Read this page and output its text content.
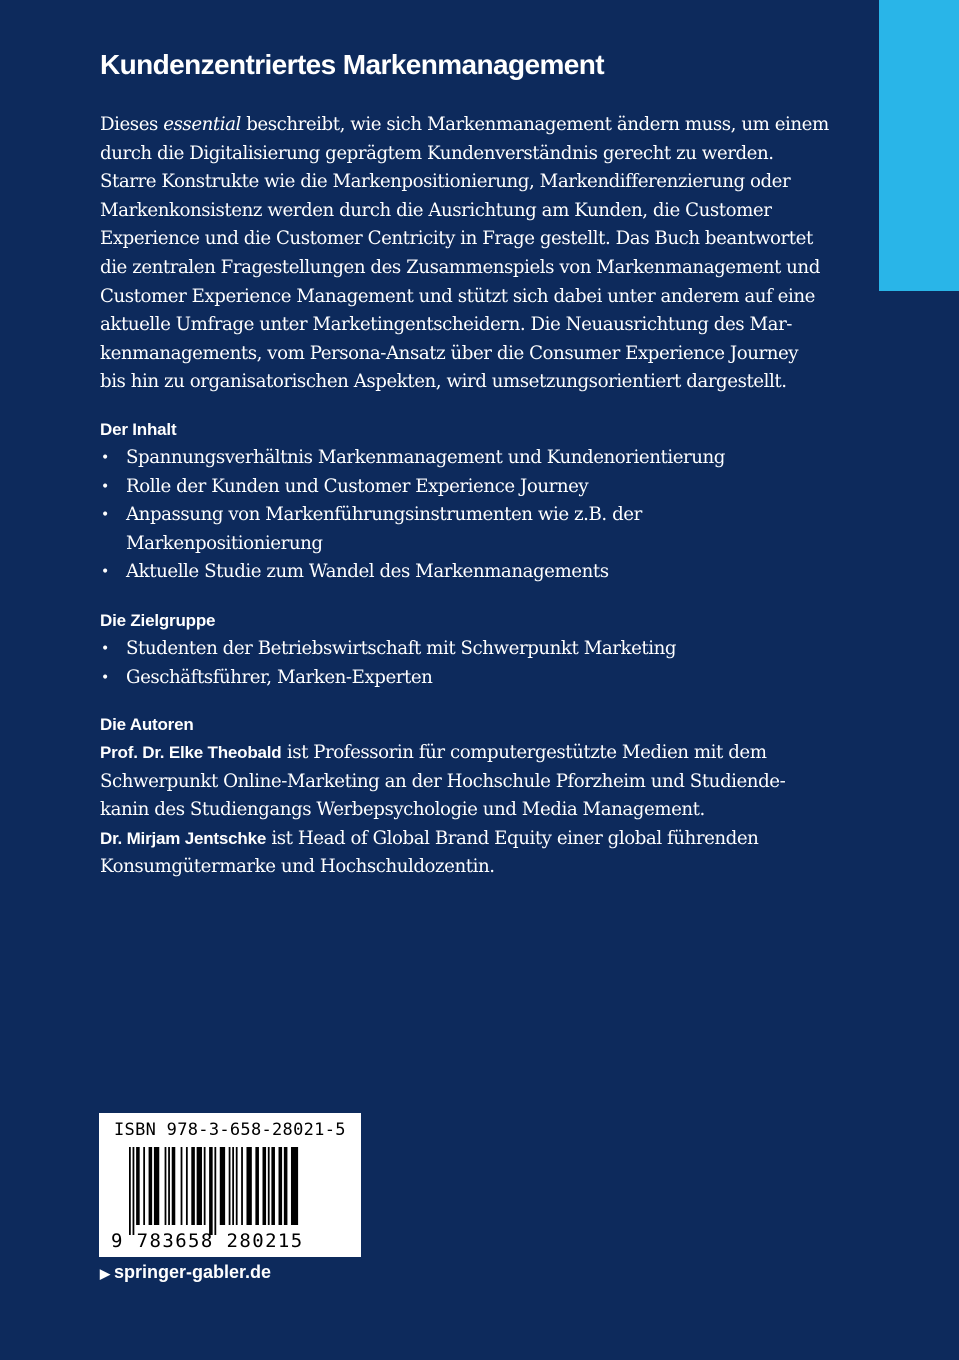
Kundenzentriertes Markenmanagement

Dieses essential beschreibt, wie sich Markenmanagement ändern muss, um einem
durch die Digitalisierung geprägtem Kundenverständnis gerecht zu werden.
Starre Konstrukte wie die Markenpositionierung, Markendifferenzierung oder
Markenkonsistenz werden durch die Ausrichtung am Kunden, die Customer
Experience und die Customer Centricity in Frage gestellt. Das Buch beantwortet
die zentralen Fragestellungen des Zusammenspiels von Markenmanagement und
Customer Experience Management und stützt sich dabei unter anderem auf eine
aktuelle Umfrage unter Marketingentscheidern. Die Neuausrichtung des Mar-
kenmanagements, vom Persona-Ansatz über die Consumer Experience Journey
bis hin zu organisatorischen Aspekten, wird umsetzungsorientiert dargestellt.

Der Inhalt
• Spannungsverhältnis Markenmanagement und Kundenorientierung
• Rolle der Kunden und Customer Experience Journey
• Anpassung von Markenführungsinstrumenten wie z.B. der
Markenpositionierung
• Aktuelle Studie zum Wandel des Markenmanagements
Die Zielgruppe
• Studenten der Betriebswirtschaft mit Schwerpunkt Marketing
• Geschäftsführer, Marken-Experten
Die Autoren
Prof. Dr. Elke Theobald ist Professorin für computergestützte Medien mit dem
Schwerpunkt Online-Marketing an der Hochschule Pforzheim und Studiende-
kanin des Studiengangs Werbepsychologie und Media Management.
Dr. Mirjam Jentschke ist Head of Global Brand Equity einer global führenden
Konsumgütermarke und Hochschuldozentin.
ISBN 978-3-658-28021-5
9 783658 280215
▶ springer-gabler.de
